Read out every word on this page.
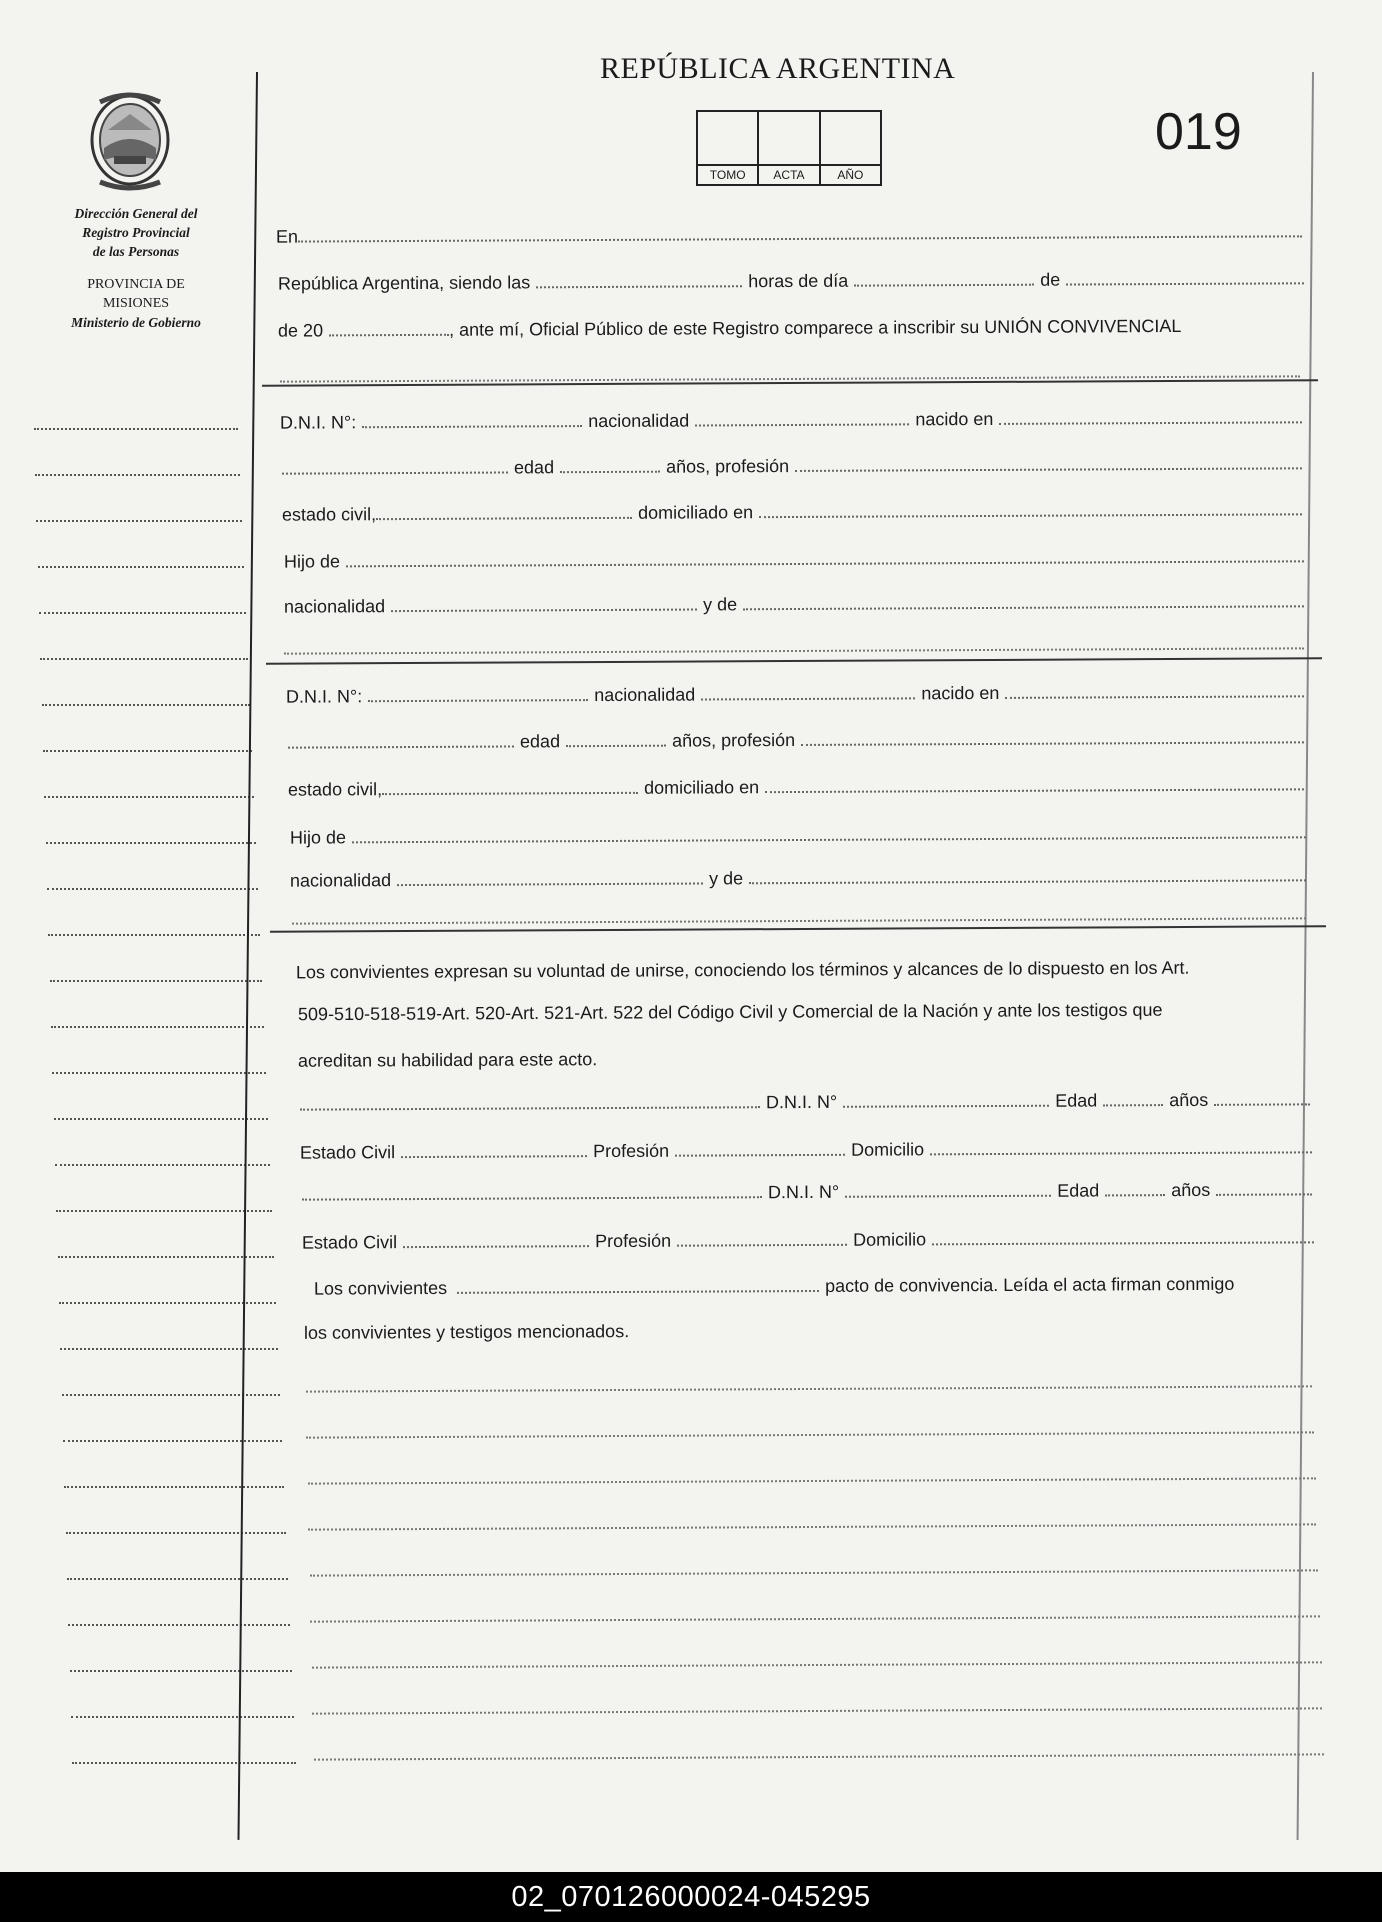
REPÚBLICA ARGENTINA
TOMO	ACTA	AÑO
019
Dirección General del
Registro Provincial
de las Personas
PROVINCIA DE
MISIONES
Ministerio de Gobierno
En
República Argentina, siendo las	horas de día	de
de 20	, ante mí, Oficial Público de este Registro comparece a inscribir su UNIÓN CONVIVENCIAL
D.N.I. N°:	nacionalidad	nacido en
edad	años, profesión
estado civil,	domiciliado en
Hijo de
nacionalidad	y de
D.N.I. N°:	nacionalidad	nacido en
edad	años, profesión
estado civil,	domiciliado en
Hijo de
nacionalidad	y de
Los convivientes expresan su voluntad de unirse, conociendo los términos y alcances de lo dispuesto en los Art.
509-510-518-519-Art. 520-Art. 521-Art. 522 del Código Civil y Comercial de la Nación y ante los testigos que
acreditan su habilidad para este acto.
D.N.I. N°	Edad	años
Estado Civil	Profesión	Domicilio
D.N.I. N°	Edad	años
Estado Civil	Profesión	Domicilio
Los convivientes	pacto de convivencia. Leída el acta firman conmigo
los convivientes y testigos mencionados.
02_070126000024-045295
